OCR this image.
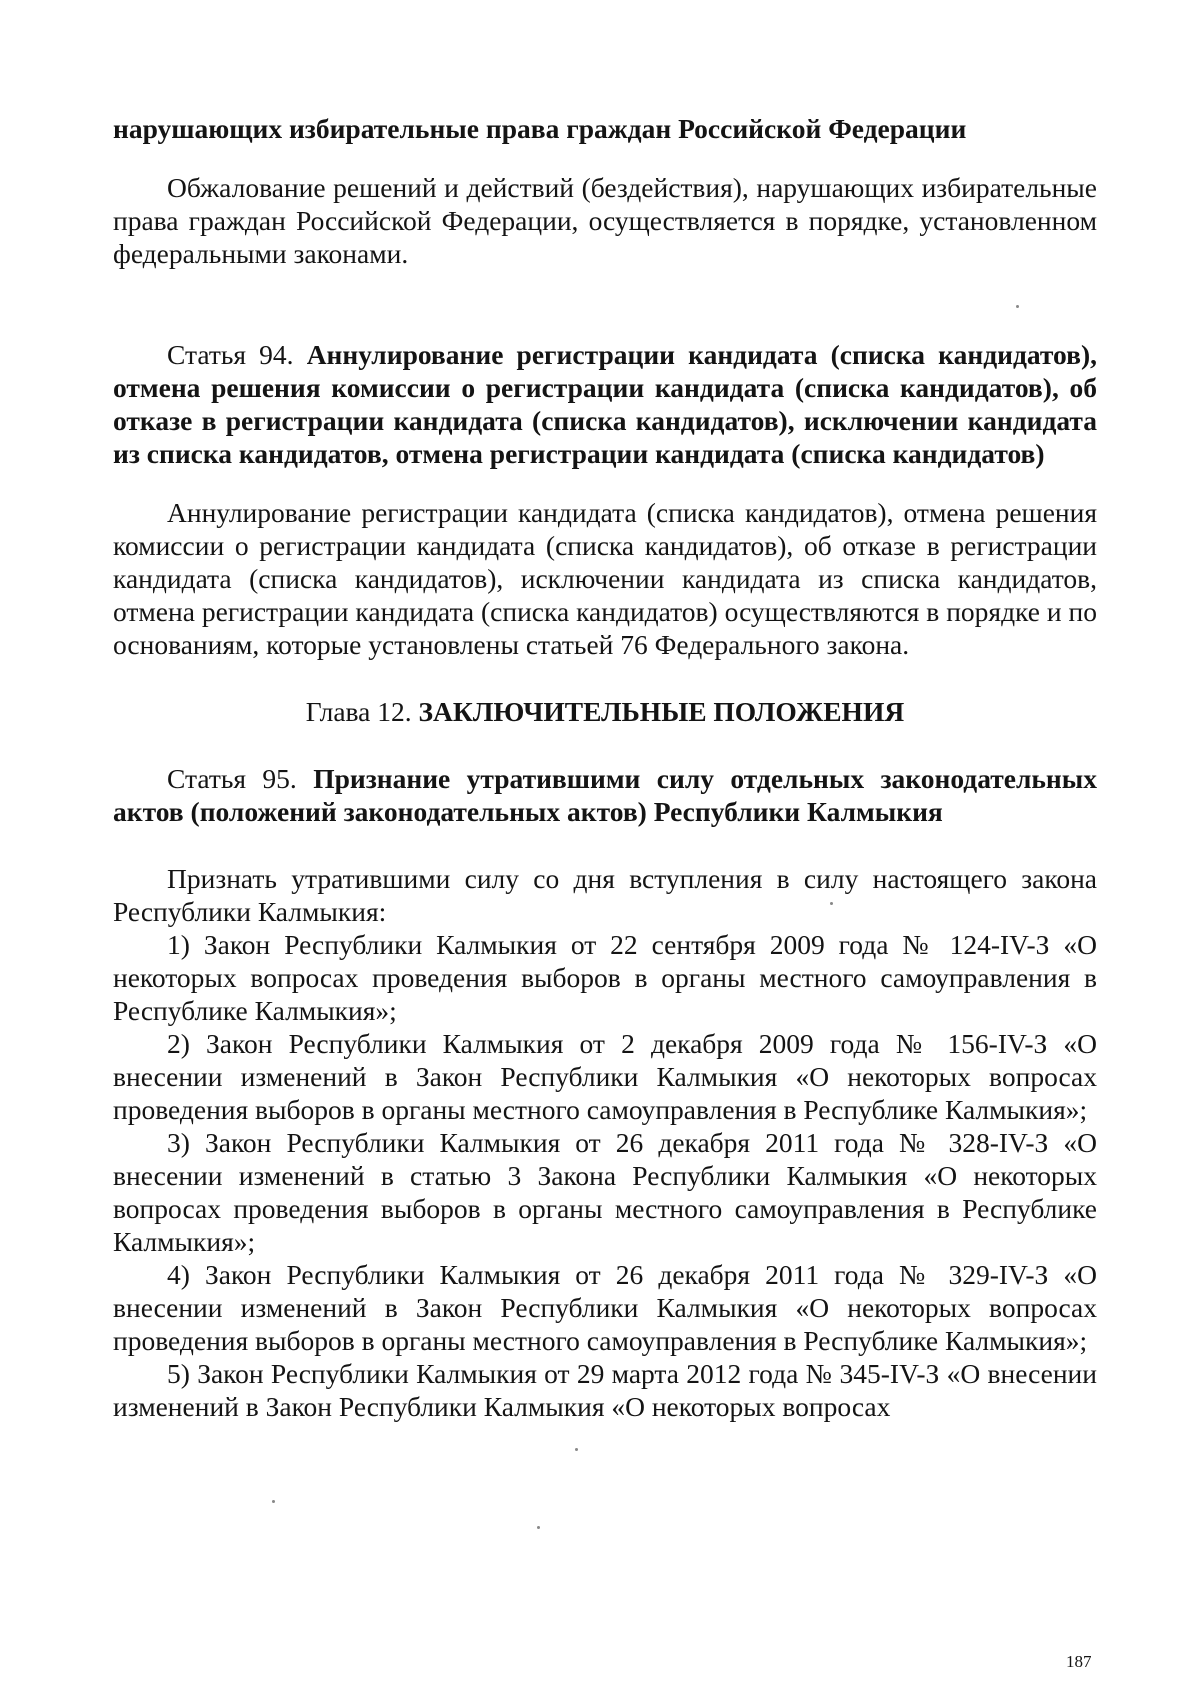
нарушающих избирательные права граждан Российской Федерации

Обжалование решений и действий (бездействия), нарушающих избирательные права граждан Российской Федерации, осуществляется в порядке, установленном федеральными законами.

Статья 94. Аннулирование регистрации кандидата (списка кандидатов), отмена решения комиссии о регистрации кандидата (списка кандидатов), об отказе в регистрации кандидата (списка кандидатов), исключении кандидата из списка кандидатов, отмена регистрации кандидата (списка кандидатов)

Аннулирование регистрации кандидата (списка кандидатов), отмена решения комиссии о регистрации кандидата (списка кандидатов), об отказе в регистрации кандидата (списка кандидатов), исключении кандидата из списка кандидатов, отмена регистрации кандидата (списка кандидатов) осуществляются в порядке и по основаниям, которые установлены статьей 76 Федерального закона.

Глава 12. ЗАКЛЮЧИТЕЛЬНЫЕ ПОЛОЖЕНИЯ

Статья 95. Признание утратившими силу отдельных законодательных актов (положений законодательных актов) Республики Калмыкия

Признать утратившими силу со дня вступления в силу настоящего закона Республики Калмыкия:

1) Закон Республики Калмыкия от 22 сентября 2009 года № 124-IV-З «О некоторых вопросах проведения выборов в органы местного самоуправления в Республике Калмыкия»;

2) Закон Республики Калмыкия от 2 декабря 2009 года № 156-IV-З «О внесении изменений в Закон Республики Калмыкия «О некоторых вопросах проведения выборов в органы местного самоуправления в Республике Калмыкия»;

3) Закон Республики Калмыкия от 26 декабря 2011 года № 328-IV-З «О внесении изменений в статью 3 Закона Республики Калмыкия «О некоторых вопросах проведения выборов в органы местного самоуправления в Республике Калмыкия»;

4) Закон Республики Калмыкия от 26 декабря 2011 года № 329-IV-З «О внесении изменений в Закон Республики Калмыкия «О некоторых вопросах проведения выборов в органы местного самоуправления в Республике Калмыкия»;

5) Закон Республики Калмыкия от 29 марта 2012 года № 345-IV-З «О внесении изменений в Закон Республики Калмыкия «О некоторых вопросах

187
